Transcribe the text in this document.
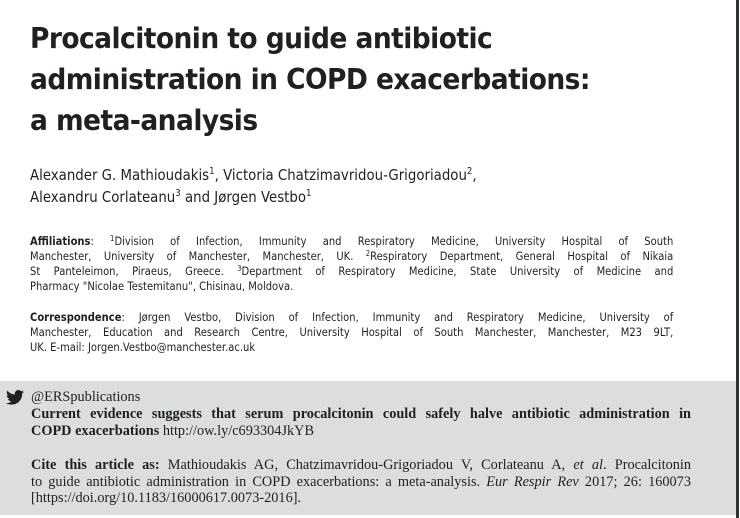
Procalcitonin to guide antibiotic
administration in COPD exacerbations:
a meta-analysis
Alexander G. Mathioudakis$^1$, Victoria Chatzimavridou-Grigoriadou$^2$,
Alexandru Corlateanu$^3$ and Jørgen Vestbo$^1$
Affiliations: $^1$Division of Infection, Immunity and Respiratory Medicine, University Hospital of South
Manchester, University of Manchester, Manchester, UK. $^2$Respiratory Department, General Hospital of Nikaia
St Panteleimon, Piraeus, Greece. $^3$Department of Respiratory Medicine, State University of Medicine and
Pharmacy "Nicolae Testemitanu", Chisinau, Moldova.
Correspondence: Jørgen Vestbo, Division of Infection, Immunity and Respiratory Medicine, University of
Manchester, Education and Research Centre, University Hospital of South Manchester, Manchester, M23 9LT,
UK. E-mail: Jorgen.Vestbo@manchester.ac.uk
@ERSpublications
Current evidence suggests that serum procalcitonin could safely halve antibiotic administration in
COPD exacerbations http://ow.ly/c693304JkYB
Cite this article as: Mathioudakis AG, Chatzimavridou-Grigoriadou V, Corlateanu A, et al. Procalcitonin
to guide antibiotic administration in COPD exacerbations: a meta-analysis. Eur Respir Rev 2017; 26: 160073
[https://doi.org/10.1183/16000617.0073-2016].
